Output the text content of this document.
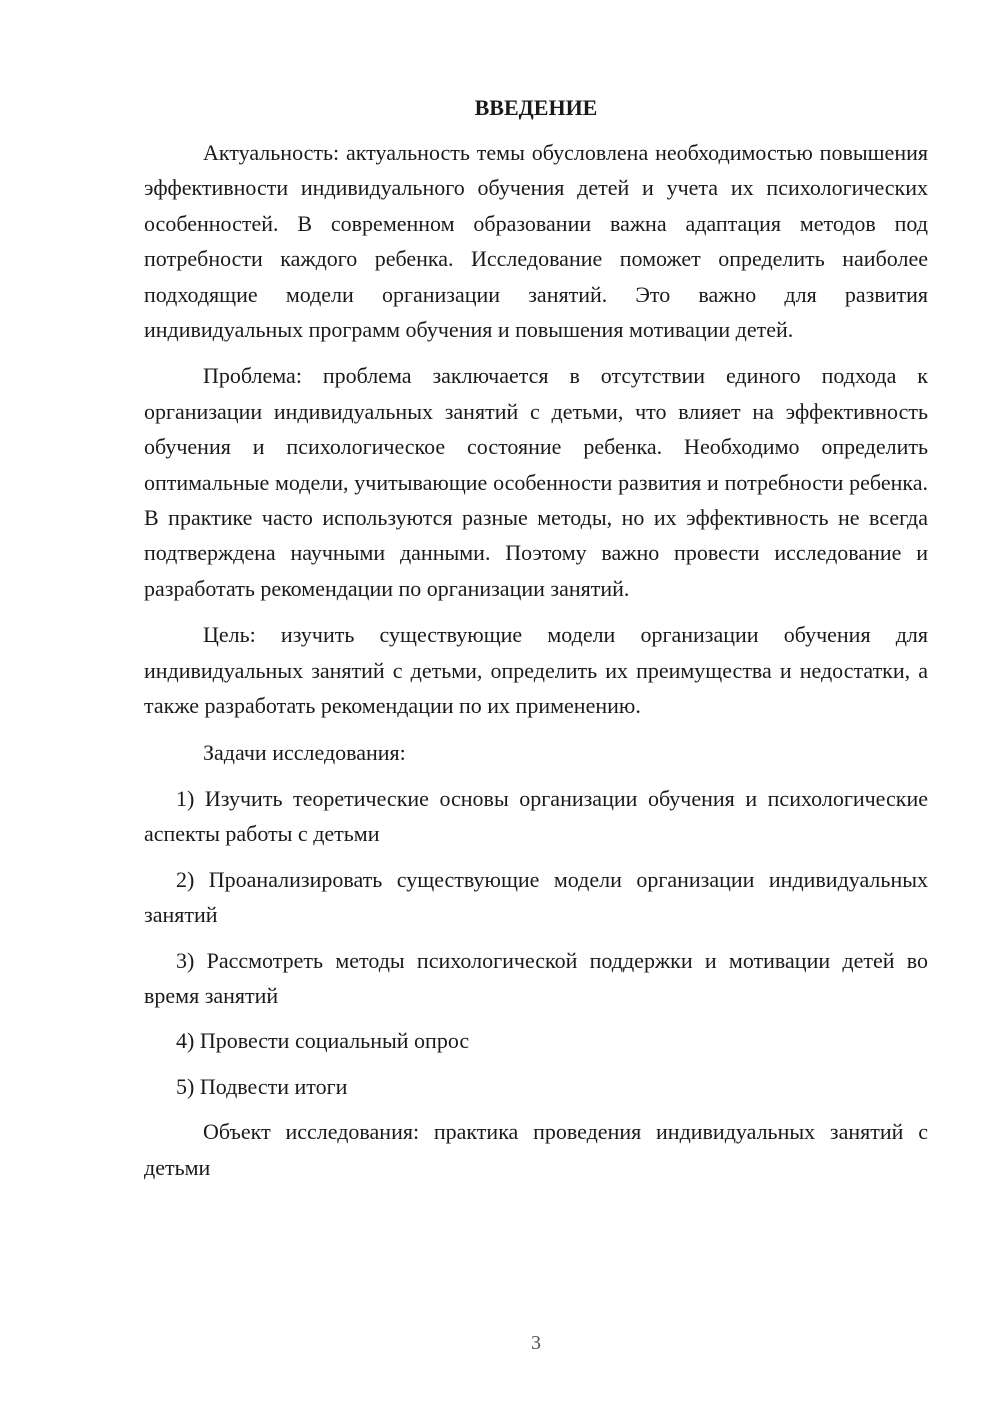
ВВЕДЕНИЕ

Актуальность: актуальность темы обусловлена необходимостью повышения эффективности индивидуального обучения детей и учета их психологических особенностей. В современном образовании важна адаптация методов под потребности каждого ребенка. Исследование поможет определить наиболее подходящие модели организации занятий. Это важно для развития индивидуальных программ обучения и повышения мотивации детей.

Проблема: проблема заключается в отсутствии единого подхода к организации индивидуальных занятий с детьми, что влияет на эффективность обучения и психологическое состояние ребенка. Необходимо определить оптимальные модели, учитывающие особенности развития и потребности ребенка. В практике часто используются разные методы, но их эффективность не всегда подтверждена научными данными. Поэтому важно провести исследование и разработать рекомендации по организации занятий.

Цель: изучить существующие модели организации обучения для индивидуальных занятий с детьми, определить их преимущества и недостатки, а также разработать рекомендации по их применению.

Задачи исследования:

1) Изучить теоретические основы организации обучения и психологические аспекты работы с детьми

2) Проанализировать существующие модели организации индивидуальных занятий

3) Рассмотреть методы психологической поддержки и мотивации детей во время занятий

4) Провести социальный опрос

5) Подвести итоги

Объект исследования: практика проведения индивидуальных занятий с детьми

3
